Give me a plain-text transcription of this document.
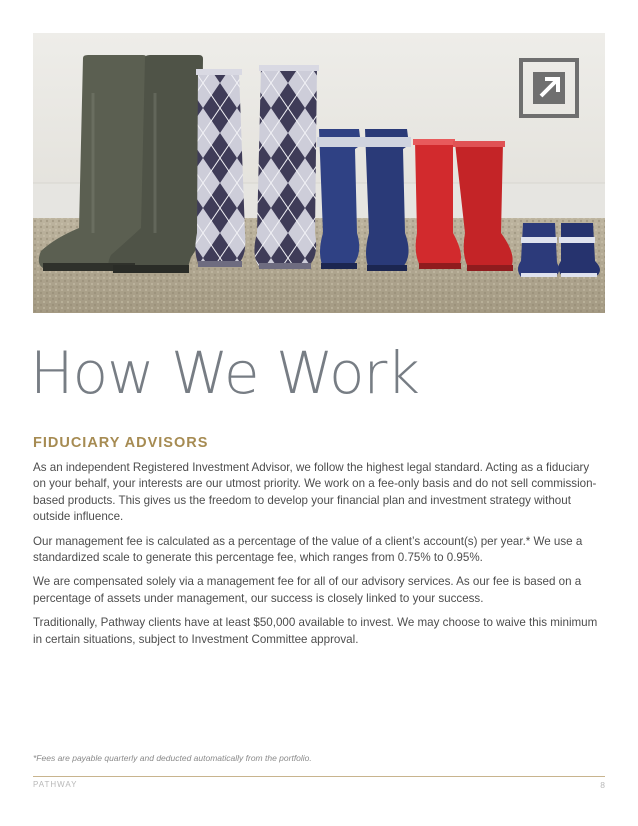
How We Work
FIDUCIARY ADVISORS

As an independent Registered Investment Advisor, we follow the highest legal standard. Acting as a fiduciary on your behalf, your interests are our utmost priority. We work on a fee-only basis and do not sell commission-based products. This gives us the freedom to develop your financial plan and investment strategy without outside influence.

Our management fee is calculated as a percentage of the value of a client’s account(s) per year.* We use a standardized scale to generate this percentage fee, which ranges from 0.75% to 0.95%.

We are compensated solely via a management fee for all of our advisory services. As our fee is based on a percentage of assets under management, our success is closely linked to your success.

Traditionally, Pathway clients have at least $50,000 available to invest. We may choose to waive this minimum in certain situations, subject to Investment Committee approval.

*Fees are payable quarterly and deducted automatically from the portfolio.

PATHWAY	8
